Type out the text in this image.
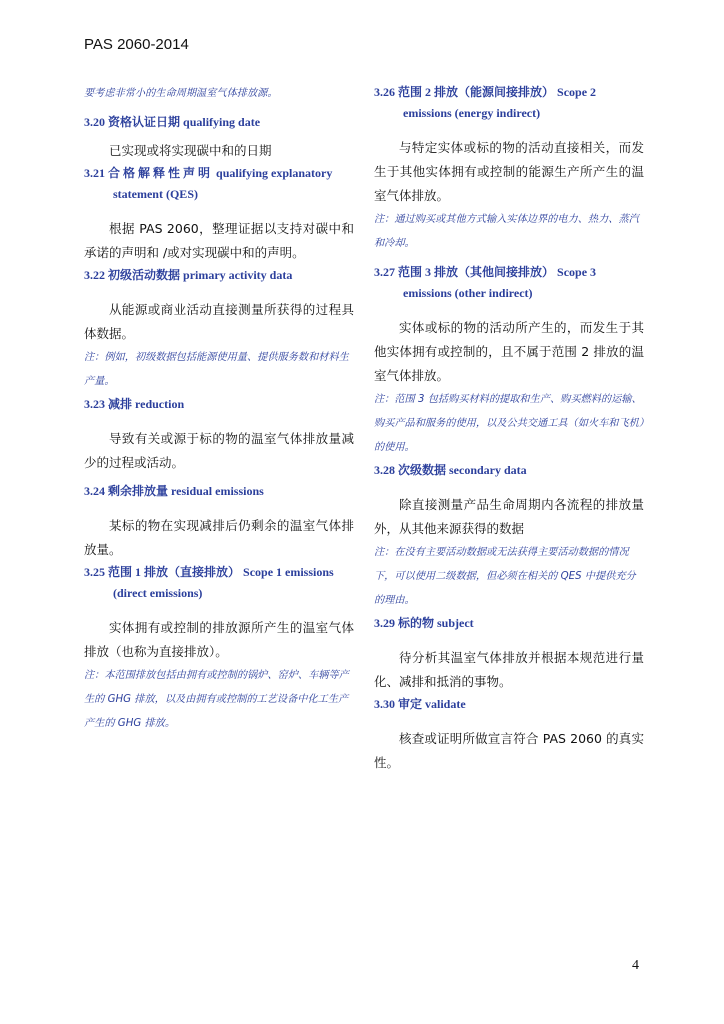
PAS 2060-2014

要考虑非常小的生命周期温室气体排放源。

3.20 资格认证日期 qualifying date

已实现或将实现碳中和的日期

3.21 合格解释性声明 qualifying explanatory
statement (QES)

根据 PAS 2060，整理证据以支持对碳中和承诺的声明和 /或对实现碳中和的声明。

3.22 初级活动数据 primary activity data

从能源或商业活动直接测量所获得的过程具体数据。

注：例如，初级数据包括能源使用量、提供服务数和材料生产量。

3.23 减排 reduction

导致有关或源于标的物的温室气体排放量减少的过程或活动。

3.24 剩余排放量 residual emissions

某标的物在实现减排后仍剩余的温室气体排放量。

3.25 范围 1 排放（直接排放） Scope 1 emissions
(direct emissions)

实体拥有或控制的排放源所产生的温室气体排放（也称为直接排放）。

注：本范围排放包括由拥有或控制的锅炉、窑炉、车辆等产生的 GHG 排放，以及由拥有或控制的工艺设备中化工生产产生的 GHG 排放。

3.26 范围 2 排放（能源间接排放） Scope 2
emissions (energy indirect)

与特定实体或标的物的活动直接相关，而发生于其他实体拥有或控制的能源生产所产生的温室气体排放。

注：通过购买或其他方式输入实体边界的电力、热力、蒸汽和冷却。

3.27 范围 3 排放（其他间接排放） Scope 3
emissions (other indirect)

实体或标的物的活动所产生的，而发生于其他实体拥有或控制的，且不属于范围 2 排放的温室气体排放。

注：范围 3 包括购买材料的提取和生产、购买燃料的运输、购买产品和服务的使用，以及公共交通工具（如火车和飞机）的使用。

3.28 次级数据 secondary data

除直接测量产品生命周期内各流程的排放量外，从其他来源获得的数据

注：在没有主要活动数据或无法获得主要活动数据的情况下，可以使用二级数据，但必须在相关的 QES 中提供充分的理由。

3.29 标的物 subject

待分析其温室气体排放并根据本规范进行量化、减排和抵消的事物。

3.30 审定 validate

核查或证明所做宣言符合 PAS 2060 的真实性。

4
